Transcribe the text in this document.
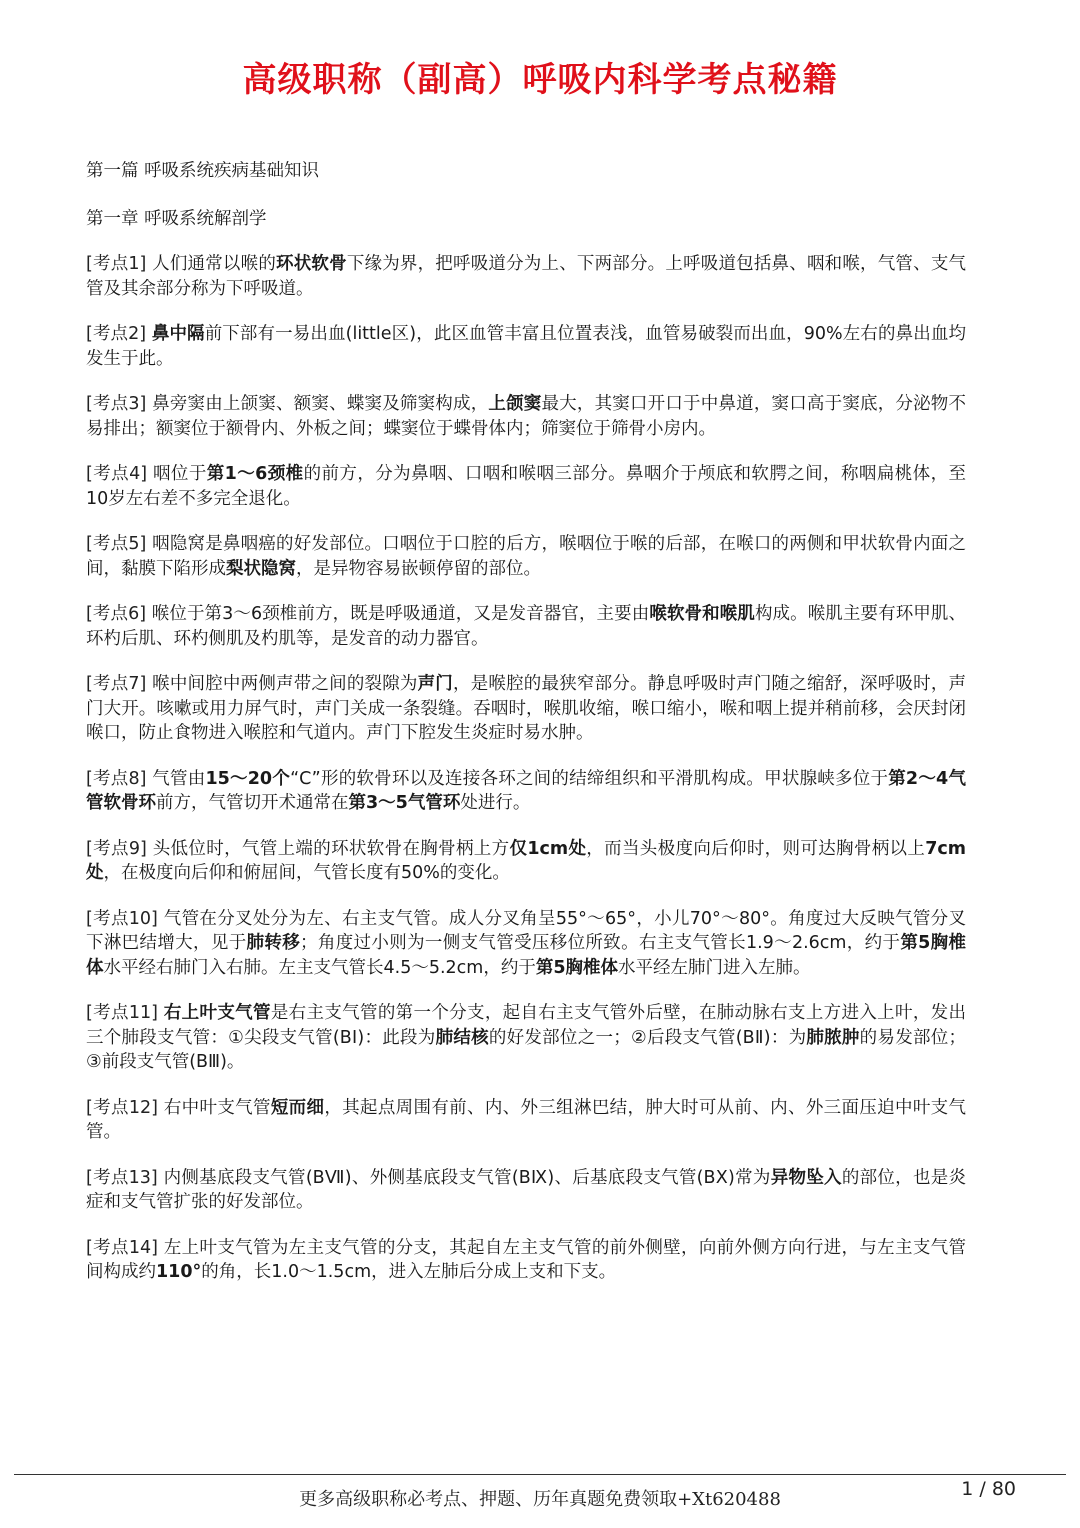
高级职称（副高）呼吸内科学考点秘籍
第一篇 呼吸系统疾病基础知识
第一章 呼吸系统解剖学

[考点1] 人们通常以喉的环状软骨下缘为界，把呼吸道分为上、下两部分。上呼吸道包括鼻、咽和喉，气管、支气管及其余部分称为下呼吸道。

[考点2] 鼻中隔前下部有一易出血(little区)，此区血管丰富且位置表浅，血管易破裂而出血，90%左右的鼻出血均发生于此。

[考点3] 鼻旁窦由上颌窦、额窦、蝶窦及筛窦构成，上颌窦最大，其窦口开口于中鼻道，窦口高于窦底，分泌物不易排出；额窦位于额骨内、外板之间；蝶窦位于蝶骨体内；筛窦位于筛骨小房内。

[考点4] 咽位于第1～6颈椎的前方，分为鼻咽、口咽和喉咽三部分。鼻咽介于颅底和软腭之间，称咽扁桃体，至10岁左右差不多完全退化。

[考点5] 咽隐窝是鼻咽癌的好发部位。口咽位于口腔的后方，喉咽位于喉的后部，在喉口的两侧和甲状软骨内面之间，黏膜下陷形成梨状隐窝，是异物容易嵌顿停留的部位。

[考点6] 喉位于第3～6颈椎前方，既是呼吸通道，又是发音器官，主要由喉软骨和喉肌构成。喉肌主要有环甲肌、环杓后肌、环杓侧肌及杓肌等，是发音的动力器官。

[考点7] 喉中间腔中两侧声带之间的裂隙为声门，是喉腔的最狭窄部分。静息呼吸时声门随之缩舒，深呼吸时，声门大开。咳嗽或用力屏气时，声门关成一条裂缝。吞咽时，喉肌收缩，喉口缩小，喉和咽上提并稍前移，会厌封闭喉口，防止食物进入喉腔和气道内。声门下腔发生炎症时易水肿。

[考点8] 气管由15～20个“C”形的软骨环以及连接各环之间的结缔组织和平滑肌构成。甲状腺峡多位于第2～4气管软骨环前方，气管切开术通常在第3～5气管环处进行。

[考点9] 头低位时，气管上端的环状软骨在胸骨柄上方仅1cm处，而当头极度向后仰时，则可达胸骨柄以上7cm处，在极度向后仰和俯屈间，气管长度有50%的变化。

[考点10] 气管在分叉处分为左、右主支气管。成人分叉角呈55°～65°，小儿70°～80°。角度过大反映气管分叉下淋巴结增大，见于肺转移；角度过小则为一侧支气管受压移位所致。右主支气管长1.9～2.6cm，约于第5胸椎体水平经右肺门入右肺。左主支气管长4.5～5.2cm，约于第5胸椎体水平经左肺门进入左肺。

[考点11] 右上叶支气管是右主支气管的第一个分支，起自右主支气管外后壁，在肺动脉右支上方进入上叶，发出三个肺段支气管：①尖段支气管(BⅠ)：此段为肺结核的好发部位之一；②后段支气管(BⅡ)：为肺脓肿的易发部位；③前段支气管(BⅢ)。

[考点12] 右中叶支气管短而细，其起点周围有前、内、外三组淋巴结，肿大时可从前、内、外三面压迫中叶支气管。

[考点13] 内侧基底段支气管(BⅦ)、外侧基底段支气管(BⅨ)、后基底段支气管(BⅩ)常为异物坠入的部位，也是炎症和支气管扩张的好发部位。

[考点14] 左上叶支气管为左主支气管的分支，其起自左主支气管的前外侧壁，向前外侧方向行进，与左主支气管间构成约110°的角，长1.0～1.5cm，进入左肺后分成上支和下支。

更多高级职称必考点、押题、历年真题免费领取+Xt620488	1 / 80
